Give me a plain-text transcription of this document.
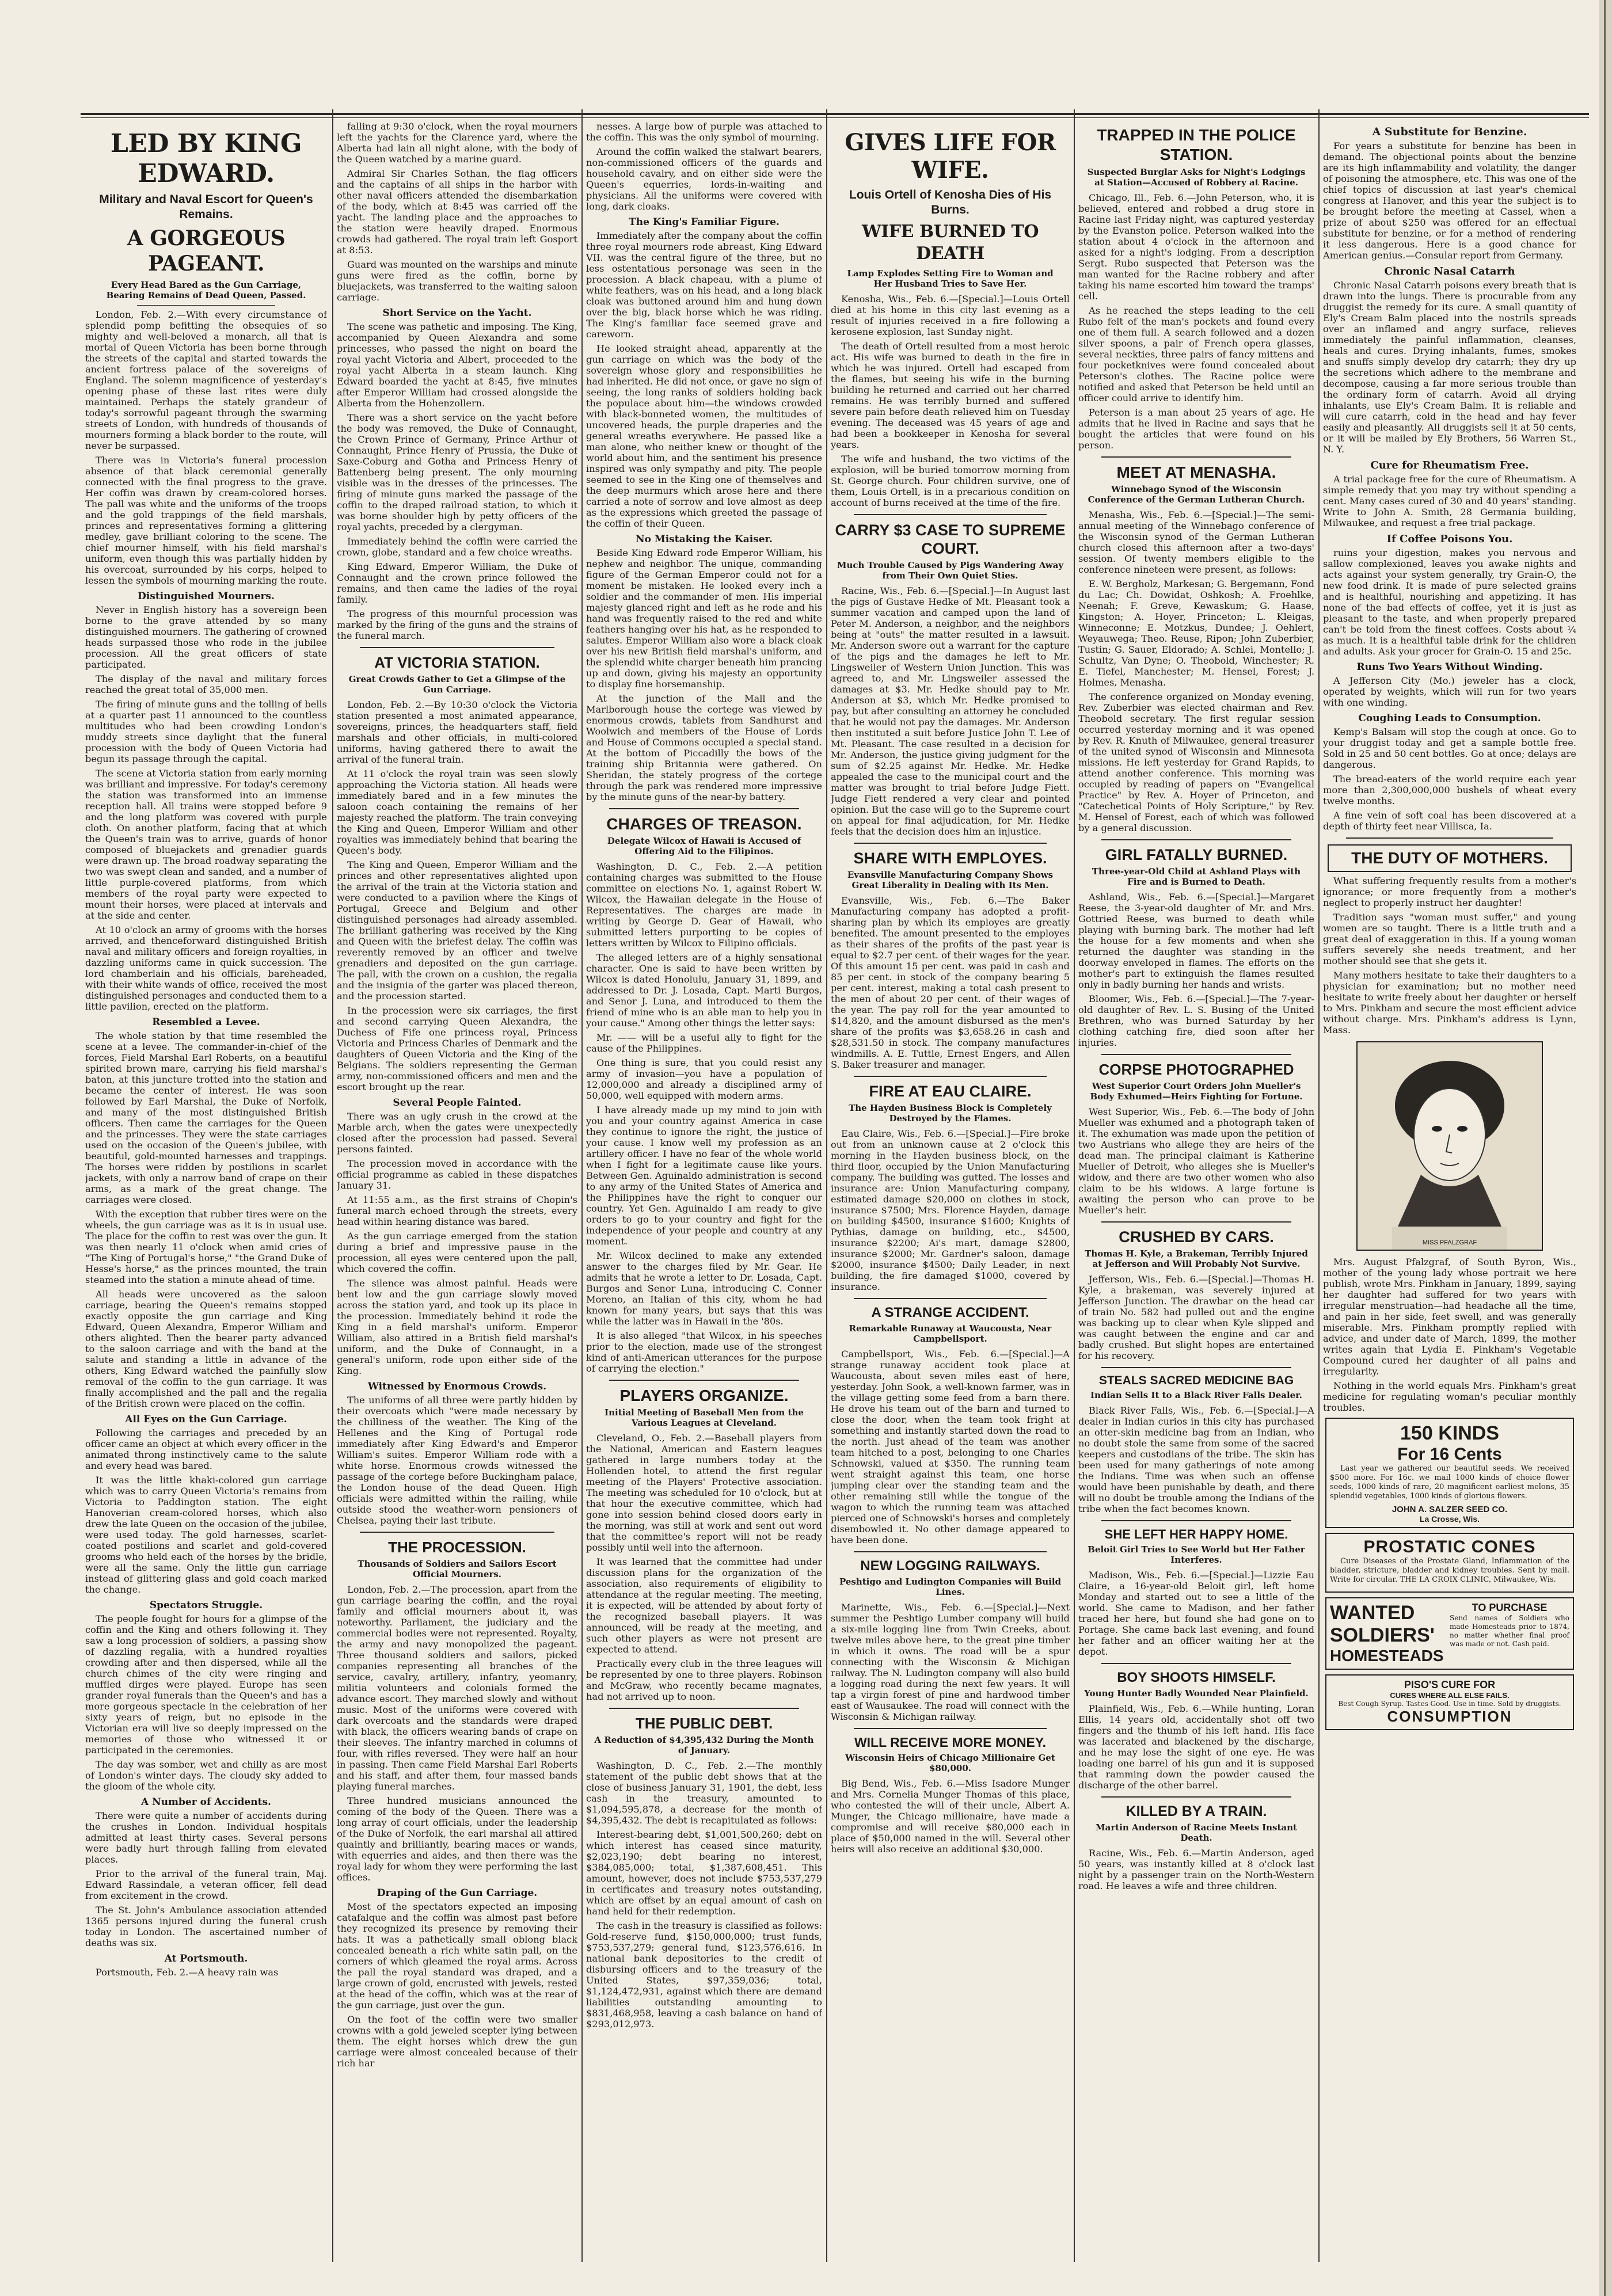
LED BY KING EDWARD.
Military and Naval Escort for Queen's Remains.
A GORGEOUS PAGEANT.
Every Head Bared as the Gun Carriage, Bearing Remains of Dead Queen, Passed.

London, Feb. 2.—With every circumstance of splendid pomp befitting the obsequies of so mighty and well-beloved a monarch, all that is mortal of Queen Victoria has been borne through the streets of the capital and started towards the ancient fortress palace of the sovereigns of England. The solemn magnificence of yesterday's opening phase of these last rites were duly maintained. Perhaps the stately grandeur of today's sorrowful pageant through the swarming streets of London, with hundreds of thousands of mourners forming a black border to the route, will never be surpassed.

There was in Victoria's funeral procession absence of that black ceremonial generally connected with the final progress to the grave. Her coffin was drawn by cream-colored horses. The pall was white and the uniforms of the troops and the gold trappings of the field marshals, princes and representatives forming a glittering medley, gave brilliant coloring to the scene. The chief mourner himself, with his field marshal's uniform, even though this was partially hidden by his overcoat, surrounded by his corps, helped to lessen the symbols of mourning marking the route.

Distinguished Mourners.

Never in English history has a sovereign been borne to the grave attended by so many distinguished mourners. The gathering of crowned heads surpassed those who rode in the jubilee procession. All the great officers of state participated.

The display of the naval and military forces reached the great total of 35,000 men.

The firing of minute guns and the tolling of bells at a quarter past 11 announced to the countless multitudes who had been crowding London's muddy streets since daylight that the funeral procession with the body of Queen Victoria had begun its passage through the capital.

The scene at Victoria station from early morning was brilliant and impressive. For today's ceremony the station was transformed into an immense reception hall. All trains were stopped before 9 and the long platform was covered with purple cloth. On another platform, facing that at which the Queen's train was to arrive, guards of honor composed of bluejackets and grenadier guards were drawn up. The broad roadway separating the two was swept clean and sanded, and a number of little purple-covered platforms, from which members of the royal party were expected to mount their horses, were placed at intervals and at the side and center.

At 10 o'clock an army of grooms with the horses arrived, and thenceforward distinguished British naval and military officers and foreign royalties, in dazzling uniforms came in quick succession. The lord chamberlain and his officials, bareheaded, with their white wands of office, received the most distinguished personages and conducted them to a little pavilion, erected on the platform.

Resembled a Levee.

The whole station by that time resembled the scene at a levee. The commander-in-chief of the forces, Field Marshal Earl Roberts, on a beautiful spirited brown mare, carrying his field marshal's baton, at this juncture trotted into the station and became the center of interest. He was soon followed by Earl Marshal, the Duke of Norfolk, and many of the most distinguished British officers. Then came the carriages for the Queen and the princesses. They were the state carriages used on the occasion of the Queen's jubilee, with beautiful, gold-mounted harnesses and trappings. The horses were ridden by postilions in scarlet jackets, with only a narrow band of crape on their arms, as a mark of the great change. The carriages were closed.

With the exception that rubber tires were on the wheels, the gun carriage was as it is in usual use. The place for the coffin to rest was over the gun. It was then nearly 11 o'clock when amid cries of "The King of Portugal's horse," "the Grand Duke of Hesse's horse," as the princes mounted, the train steamed into the station a minute ahead of time.

All heads were uncovered as the saloon carriage, bearing the Queen's remains stopped exactly opposite the gun carriage and King Edward, Queen Alexandra, Emperor William and others alighted. Then the bearer party advanced to the saloon carriage and with the band at the salute and standing a little in advance of the others, King Edward watched the painfully slow removal of the coffin to the gun carriage. It was finally accomplished and the pall and the regalia of the British crown were placed on the coffin.

All Eyes on the Gun Carriage.

Following the carriages and preceded by an officer came an object at which every officer in the animated throng instinctively came to the salute and every head was bared.

It was the little khaki-colored gun carriage which was to carry Queen Victoria's remains from Victoria to Paddington station. The eight Hanoverian cream-colored horses, which also drew the late Queen on the occasion of the jubilee, were used today. The gold harnesses, scarlet-coated postilions and scarlet and gold-covered grooms who held each of the horses by the bridle, were all the same. Only the little gun carriage instead of glittering glass and gold coach marked the change.

Spectators Struggle.

The people fought for hours for a glimpse of the coffin and the King and others following it. They saw a long procession of soldiers, a passing show of dazzling regalia, with a hundred royalties crowding after and then dispersed, while all the church chimes of the city were ringing and muffled dirges were played. Europe has seen grander royal funerals than the Queen's and has a more gorgeous spectacle in the celebration of her sixty years of reign, but no episode in the Victorian era will live so deeply impressed on the memories of those who witnessed it or participated in the ceremonies.

The day was somber, wet and chilly as are most of London's winter days. The cloudy sky added to the gloom of the whole city.

A Number of Accidents.

There were quite a number of accidents during the crushes in London. Individual hospitals admitted at least thirty cases. Several persons were badly hurt through falling from elevated places.

Prior to the arrival of the funeral train, Maj. Edward Rassindale, a veteran officer, fell dead from excitement in the crowd.

The St. John's Ambulance association attended 1365 persons injured during the funeral crush today in London. The ascertained number of deaths was six.

At Portsmouth.

Portsmouth, Feb. 2.—A heavy rain was

falling at 9:30 o'clock, when the royal mourners left the yachts for the Clarence yard, where the Alberta had lain all night alone, with the body of the Queen watched by a marine guard.

Admiral Sir Charles Sothan, the flag officers and the captains of all ships in the harbor with other naval officers attended the disembarkation of the body, which at 8:45 was carried off the yacht. The landing place and the approaches to the station were heavily draped. Enormous crowds had gathered. The royal train left Gosport at 8:53.

Guard was mounted on the warships and minute guns were fired as the coffin, borne by bluejackets, was transferred to the waiting saloon carriage.

Short Service on the Yacht.

The scene was pathetic and imposing. The King, accompanied by Queen Alexandra and some princesses, who passed the night on board the royal yacht Victoria and Albert, proceeded to the royal yacht Alberta in a steam launch. King Edward boarded the yacht at 8:45, five minutes after Emperor William had crossed alongside the Alberta from the Hohenzollern.

There was a short service on the yacht before the body was removed, the Duke of Connaught, the Crown Prince of Germany, Prince Arthur of Connaught, Prince Henry of Prussia, the Duke of Saxe-Coburg and Gotha and Princess Henry of Battenberg being present. The only mourning visible was in the dresses of the princesses. The firing of minute guns marked the passage of the coffin to the draped railroad station, to which it was borne shoulder high by petty officers of the royal yachts, preceded by a clergyman.

Immediately behind the coffin were carried the crown, globe, standard and a few choice wreaths.

King Edward, Emperor William, the Duke of Connaught and the crown prince followed the remains, and then came the ladies of the royal family.

The progress of this mournful procession was marked by the firing of the guns and the strains of the funeral march.

AT VICTORIA STATION.
Great Crowds Gather to Get a Glimpse of the Gun Carriage.

London, Feb. 2.—By 10:30 o'clock the Victoria station presented a most animated appearance, sovereigns, princes, the headquarters staff, field marshals and other officials, in multi-colored uniforms, having gathered there to await the arrival of the funeral train.

At 11 o'clock the royal train was seen slowly approaching the Victoria station. All heads were immediately bared and in a few minutes the saloon coach containing the remains of her majesty reached the platform. The train conveying the King and Queen, Emperor William and other royalties was immediately behind that bearing the Queen's body.

The King and Queen, Emperor William and the princes and other representatives alighted upon the arrival of the train at the Victoria station and were conducted to a pavilion where the Kings of Portugal, Greece and Belgium and other distinguished personages had already assembled. The brilliant gathering was received by the King and Queen with the briefest delay. The coffin was reverently removed by an officer and twelve grenadiers and deposited on the gun carriage. The pall, with the crown on a cushion, the regalia and the insignia of the garter was placed thereon, and the procession started.

In the procession were six carriages, the first and second carrying Queen Alexandra, the Duchess of Fife one princess royal, Princess Victoria and Princess Charles of Denmark and the daughters of Queen Victoria and the King of the Belgians. The soldiers representing the German army, non-commissioned officers and men and the escort brought up the rear.

Several People Fainted.

There was an ugly crush in the crowd at the Marble arch, when the gates were unexpectedly closed after the procession had passed. Several persons fainted.

The procession moved in accordance with the official programme as cabled in these dispatches January 31.

At 11:55 a.m., as the first strains of Chopin's funeral march echoed through the streets, every head within hearing distance was bared.

As the gun carriage emerged from the station during a brief and impressive pause in the procession, all eyes were centered upon the pall, which covered the coffin.

The silence was almost painful. Heads were bent low and the gun carriage slowly moved across the station yard, and took up its place in the procession. Immediately behind it rode the King in a field marshal's uniform. Emperor William, also attired in a British field marshal's uniform, and the Duke of Connaught, in a general's uniform, rode upon either side of the King.

Witnessed by Enormous Crowds.

The uniforms of all three were partly hidden by their overcoats which "were made necessary by the chilliness of the weather. The King of the Hellenes and the King of Portugal rode immediately after King Edward's and Emperor William's suites. Emperor William rode with a white horse. Enormous crowds witnessed the passage of the cortege before Buckingham palace, the London house of the dead Queen. High officials were admitted within the railing, while outside stood the weather-worn pensioners of Chelsea, paying their last tribute.

THE PROCESSION.
Thousands of Soldiers and Sailors Escort Official Mourners.

London, Feb. 2.—The procession, apart from the gun carriage bearing the coffin, and the royal family and official mourners about it, was noteworthy. Parliament, the judiciary and the commercial bodies were not represented. Royalty, the army and navy monopolized the pageant. Three thousand soldiers and sailors, picked companies representing all branches of the service, cavalry, artillery, infantry, yeomanry, militia volunteers and colonials formed the advance escort. They marched slowly and without music. Most of the uniforms were covered with dark overcoats and the standards were draped with black, the officers wearing bands of crape on their sleeves. The infantry marched in columns of four, with rifles reversed. They were half an hour in passing. Then came Field Marshal Earl Roberts and his staff, and after them, four massed bands playing funeral marches.

Three hundred musicians announced the coming of the body of the Queen. There was a long array of court officials, under the leadership of the Duke of Norfolk, the earl marshal all attired quaintly and brilliantly, bearing maces or wands, with equerries and aides, and then there was the royal lady for whom they were performing the last offices.

Draping of the Gun Carriage.

Most of the spectators expected an imposing catafalque and the coffin was almost past before they recognized its presence by removing their hats. It was a pathetically small oblong black concealed beneath a rich white satin pall, on the corners of which gleamed the royal arms. Across the pall the royal standard was draped, and a large crown of gold, encrusted with jewels, rested at the head of the coffin, which was at the rear of the gun carriage, just over the gun.

On the foot of the coffin were two smaller crowns with a gold jeweled scepter lying between them. The eight horses which drew the gun carriage were almost concealed because of their rich har

nesses. A large bow of purple was attached to the coffin. This was the only symbol of mourning.

Around the coffin walked the stalwart bearers, non-commissioned officers of the guards and household cavalry, and on either side were the Queen's equerries, lords-in-waiting and physicians. All the uniforms were covered with long, dark cloaks.

The King's Familiar Figure.

Immediately after the company about the coffin three royal mourners rode abreast, King Edward VII. was the central figure of the three, but no less ostentatious personage was seen in the procession. A black chapeau, with a plume of white feathers, was on his head, and a long black cloak was buttoned around him and hung down over the big, black horse which he was riding. The King's familiar face seemed grave and careworn.

He looked straight ahead, apparently at the gun carriage on which was the body of the sovereign whose glory and responsibilities he had inherited. He did not once, or gave no sign of seeing, the long ranks of soldiers holding back the populace about him—the windows crowded with black-bonneted women, the multitudes of uncovered heads, the purple draperies and the general wreaths everywhere. He passed like a man alone, who neither knew or thought of the world about him, and the sentiment his presence inspired was only sympathy and pity. The people seemed to see in the King one of themselves and the deep murmurs which arose here and there carried a note of sorrow and love almost as deep as the expressions which greeted the passage of the coffin of their Queen.

No Mistaking the Kaiser.

Beside King Edward rode Emperor William, his nephew and neighbor. The unique, commanding figure of the German Emperor could not for a moment be mistaken. He looked every inch a soldier and the commander of men. His imperial majesty glanced right and left as he rode and his hand was frequently raised to the red and white feathers hanging over his hat, as he responded to salutes. Emperor William also wore a black cloak over his new British field marshal's uniform, and the splendid white charger beneath him prancing up and down, giving his majesty an opportunity to display fine horsemanship.

At the junction of the Mall and the Marlborough house the cortege was viewed by enormous crowds, tablets from Sandhurst and Woolwich and members of the House of Lords and House of Commons occupied a special stand. At the bottom of Piccadilly the bows of the training ship Britannia were gathered. On Sheridan, the stately progress of the cortege through the park was rendered more impressive by the minute guns of the near-by battery.

CHARGES OF TREASON.
Delegate Wilcox of Hawaii is Accused of Offering Aid to the Filipinos.

Washington, D. C., Feb. 2.—A petition containing charges was submitted to the House committee on elections No. 1, against Robert W. Wilcox, the Hawaiian delegate in the House of Representatives. The charges are made in writing by George D. Gear of Hawaii, who submitted letters purporting to be copies of letters written by Wilcox to Filipino officials.

The alleged letters are of a highly sensational character. One is said to have been written by Wilcox is dated Honolulu, January 31, 1899, and addressed to Dr. J. Losada, Capt. Marti Burgos, and Senor J. Luna, and introduced to them the friend of mine who is an able man to help you in your cause." Among other things the letter says:

Mr. —— will be a useful ally to fight for the cause of the Philippines.

One thing is sure, that you could resist any army of invasion—you have a population of 12,000,000 and already a disciplined army of 50,000, well equipped with modern arms.

I have already made up my mind to join with you and your country against America in case they continue to ignore the right, the justice of your cause. I know well my profession as an artillery officer. I have no fear of the whole world when I fight for a legitimate cause like yours. Between Gen. Aguinaldo administration is second to any army of the United States of America and the Philippines have the right to conquer our country. Yet Gen. Aguinaldo I am ready to give orders to go to your country and fight for the independence of your people and country at any moment.

Mr. Wilcox declined to make any extended answer to the charges filed by Mr. Gear. He admits that he wrote a letter to Dr. Losada, Capt. Burgos and Senor Luna, introducing C. Conner Moreno, an Italian of this city, whom he had known for many years, but says that this was while the latter was in Hawaii in the '80s.

It is also alleged "that Wilcox, in his speeches prior to the election, made use of the strongest kind of anti-American utterances for the purpose of carrying the election."

PLAYERS ORGANIZE.
Initial Meeting of Baseball Men from the Various Leagues at Cleveland.

Cleveland, O., Feb. 2.—Baseball players from the National, American and Eastern leagues gathered in large numbers today at the Hollenden hotel, to attend the first regular meeting of the Players' Protective association. The meeting was scheduled for 10 o'clock, but at that hour the executive committee, which had gone into session behind closed doors early in the morning, was still at work and sent out word that the committee's report will not be ready possibly until well into the afternoon.

It was learned that the committee had under discussion plans for the organization of the association, also requirements of eligibility to attendance at the regular meeting. The meeting, it is expected, will be attended by about forty of the recognized baseball players. It was announced, will be ready at the meeting, and such other players as were not present are expected to attend.

Practically every club in the three leagues will be represented by one to three players. Robinson and McGraw, who recently became magnates, had not arrived up to noon.

THE PUBLIC DEBT.
A Reduction of $4,395,432 During the Month of January.

Washington, D. C., Feb. 2.—The monthly statement of the public debt shows that at the close of business January 31, 1901, the debt, less cash in the treasury, amounted to $1,094,595,878, a decrease for the month of $4,395,432. The debt is recapitulated as follows:

Interest-bearing debt, $1,001,500,260; debt on which interest has ceased since maturity, $2,023,190; debt bearing no interest, $384,085,000; total, $1,387,608,451. This amount, however, does not include $753,537,279 in certificates and treasury notes outstanding, which are offset by an equal amount of cash on hand held for their redemption.

The cash in the treasury is classified as follows: Gold-reserve fund, $150,000,000; trust funds, $753,537,279; general fund, $123,576,616. In national bank depositories to the credit of disbursing officers and to the treasury of the United States, $97,359,036; total, $1,124,472,931, against which there are demand liabilities outstanding amounting to $831,468,958, leaving a cash balance on hand of $293,012,973.

GIVES LIFE FOR WIFE.
Louis Ortell of Kenosha Dies of His Burns.
WIFE BURNED TO DEATH
Lamp Explodes Setting Fire to Woman and Her Husband Tries to Save Her.

Kenosha, Wis., Feb. 6.—[Special.]—Louis Ortell died at his home in this city last evening as a result of injuries received in a fire following a kerosene explosion, last Sunday night.

The death of Ortell resulted from a most heroic act. His wife was burned to death in the fire in which he was injured. Ortell had escaped from the flames, but seeing his wife in the burning building he returned and carried out her charred remains. He was terribly burned and suffered severe pain before death relieved him on Tuesday evening. The deceased was 45 years of age and had been a bookkeeper in Kenosha for several years.

The wife and husband, the two victims of the explosion, will be buried tomorrow morning from St. George church. Four children survive, one of them, Louis Ortell, is in a precarious condition on account of burns received at the time of the fire.

CARRY $3 CASE TO SUPREME COURT.
Much Trouble Caused by Pigs Wandering Away from Their Own Quiet Sties.

Racine, Wis., Feb. 6.—[Special.]—In August last the pigs of Gustave Hedke of Mt. Pleasant took a summer vacation and camped upon the land of Peter M. Anderson, a neighbor, and the neighbors being at "outs" the matter resulted in a lawsuit. Mr. Anderson swore out a warrant for the capture of the pigs and the damages he left to Mr. Lingsweiler of Western Union Junction. This was agreed to, and Mr. Lingsweiler assessed the damages at $3. Mr. Hedke should pay to Mr. Anderson at $3, which Mr. Hedke promised to pay, but after consulting an attorney he concluded that he would not pay the damages. Mr. Anderson then instituted a suit before Justice John T. Lee of Mt. Pleasant. The case resulted in a decision for Mr. Anderson, the justice giving judgment for the sum of $2.25 against Mr. Hedke. Mr. Hedke appealed the case to the municipal court and the matter was brought to trial before Judge Fiett. Judge Fiett rendered a very clear and pointed opinion. But the case will go to the Supreme court on appeal for final adjudication, for Mr. Hedke feels that the decision does him an injustice.

SHARE WITH EMPLOYES.
Evansville Manufacturing Company Shows Great Liberality in Dealing with Its Men.

Evansville, Wis., Feb. 6.—The Baker Manufacturing company has adopted a profit-sharing plan by which its employes are greatly benefited. The amount presented to the employes as their shares of the profits of the past year is equal to $2.7 per cent. of their wages for the year. Of this amount 15 per cent. was paid in cash and 85 per cent. in stock of the company bearing 5 per cent. interest, making a total cash present to the men of about 20 per cent. of their wages of the year. The pay roll for the year amounted to $14,820, and the amount disbursed as the men's share of the profits was $3,658.26 in cash and $28,531.50 in stock. The company manufactures windmills. A. E. Tuttle, Ernest Engers, and Allen S. Baker treasurer and manager.

FIRE AT EAU CLAIRE.
The Hayden Business Block is Completely Destroyed by the Flames.

Eau Claire, Wis., Feb. 6.—[Special.]—Fire broke out from an unknown cause at 2 o'clock this morning in the Hayden business block, on the third floor, occupied by the Union Manufacturing company. The building was gutted. The losses and insurance are: Union Manufacturing company, estimated damage $20,000 on clothes in stock, insurance $7500; Mrs. Florence Hayden, damage on building $4500, insurance $1600; Knights of Pythias, damage on building, etc., $4500, insurance $2200; Ai's mart, damage $2800, insurance $2000; Mr. Gardner's saloon, damage $2000, insurance $4500; Daily Leader, in next building, the fire damaged $1000, covered by insurance.

A STRANGE ACCIDENT.
Remarkable Runaway at Waucousta, Near Campbellsport.

Campbellsport, Wis., Feb. 6.—[Special.]—A strange runaway accident took place at Waucousta, about seven miles east of here, yesterday. John Sook, a well-known farmer, was in the village getting some feed from a barn there. He drove his team out of the barn and turned to close the door, when the team took fright at something and instantly started down the road to the north. Just ahead of the team was another team hitched to a post, belonging to one Charles Schnowski, valued at $350. The running team went straight against this team, one horse jumping clear over the standing team and the other remaining still while the tongue of the wagon to which the running team was attached pierced one of Schnowski's horses and completely disembowled it. No other damage appeared to have been done.

NEW LOGGING RAILWAYS.
Peshtigo and Ludington Companies will Build Lines.

Marinette, Wis., Feb. 6.—[Special.]—Next summer the Peshtigo Lumber company will build a six-mile logging line from Twin Creeks, about twelve miles above here, to the great pine timber in which it owns. The road will be a spur connecting with the Wisconsin & Michigan railway. The N. Ludington company will also build a logging road during the next few years. It will tap a virgin forest of pine and hardwood timber east of Wausaukee. The road will connect with the Wisconsin & Michigan railway.

WILL RECEIVE MORE MONEY.
Wisconsin Heirs of Chicago Millionaire Get $80,000.

Big Bend, Wis., Feb. 6.—Miss Isadore Munger and Mrs. Cornelia Munger Thomas of this place, who contested the will of their uncle, Albert A. Munger, the Chicago millionaire, have made a compromise and will receive $80,000 each in place of $50,000 named in the will. Several other heirs will also receive an additional $30,000.

TRAPPED IN THE POLICE STATION.
Suspected Burglar Asks for Night's Lodgings at Station—Accused of Robbery at Racine.

Chicago, Ill., Feb. 6.—John Peterson, who, it is believed, entered and robbed a drug store in Racine last Friday night, was captured yesterday by the Evanston police. Peterson walked into the station about 4 o'clock in the afternoon and asked for a night's lodging. From a description Sergt. Rubo suspected that Peterson was the man wanted for the Racine robbery and after taking his name escorted him toward the tramps' cell.

As he reached the steps leading to the cell Rubo felt of the man's pockets and found every one of them full. A search followed and a dozen silver spoons, a pair of French opera glasses, several neckties, three pairs of fancy mittens and four pocketknives were found concealed about Peterson's clothes. The Racine police were notified and asked that Peterson be held until an officer could arrive to identify him.

Peterson is a man about 25 years of age. He admits that he lived in Racine and says that he bought the articles that were found on his person.

MEET AT MENASHA.
Winnebago Synod of the Wisconsin Conference of the German Lutheran Church.

Menasha, Wis., Feb. 6.—[Special.]—The semi-annual meeting of the Winnebago conference of the Wisconsin synod of the German Lutheran church closed this afternoon after a two-days' session. Of twenty members eligible to the conference nineteen were present, as follows:

E. W. Bergholz, Markesan; G. Bergemann, Fond du Lac; Ch. Dowidat, Oshkosh; A. Froehlke, Neenah; F. Greve, Kewaskum; G. Haase, Kingston; A. Hoyer, Princeton; L. Kleigas, Winneconne; E. Motzkus, Dundee; J. Oehlert, Weyauwega; Theo. Reuse, Ripon; John Zuberbier, Tustin; G. Sauer, Eldorado; A. Schlei, Montello; J. Schultz, Van Dyne; O. Theobold, Winchester; R. E. Tiefel, Manchester; M. Hensel, Forest; J. Holmes, Menasha.

The conference organized on Monday evening, Rev. Zuberbier was elected chairman and Rev. Theobold secretary. The first regular session occurred yesterday morning and it was opened by Rev. R. Knuth of Milwaukee, general treasurer of the united synod of Wisconsin and Minnesota missions. He left yesterday for Grand Rapids, to attend another conference. This morning was occupied by reading of papers on "Evangelical Practice" by Rev. A. Hoyer of Princeton, and "Catechetical Points of Holy Scripture," by Rev. M. Hensel of Forest, each of which was followed by a general discussion.

GIRL FATALLY BURNED.
Three-year-Old Child at Ashland Plays with Fire and is Burned to Death.

Ashland, Wis., Feb. 6.—[Special.]—Margaret Reese, the 3-year-old daughter of Mr. and Mrs. Gottried Reese, was burned to death while playing with burning bark. The mother had left the house for a few moments and when she returned the daughter was standing in the doorway enveloped in flames. The efforts on the mother's part to extinguish the flames resulted only in badly burning her hands and wrists.

Bloomer, Wis., Feb. 6.—[Special.]—The 7-year-old daughter of Rev. L. S. Busing of the United Brethren, who was burned Saturday by her clothing catching fire, died soon after her injuries.

CORPSE PHOTOGRAPHED
West Superior Court Orders John Mueller's Body Exhumed—Heirs Fighting for Fortune.

West Superior, Wis., Feb. 6.—The body of John Mueller was exhumed and a photograph taken of it. The exhumation was made upon the petition of two Austrians who allege they are heirs of the dead man. The principal claimant is Katherine Mueller of Detroit, who alleges she is Mueller's widow, and there are two other women who also claim to be his widows. A large fortune is awaiting the person who can prove to be Mueller's heir.

CRUSHED BY CARS.
Thomas H. Kyle, a Brakeman, Terribly Injured at Jefferson and Will Probably Not Survive.

Jefferson, Wis., Feb. 6.—[Special.]—Thomas H. Kyle, a brakeman, was severely injured at Jefferson Junction. The drawbar on the head car of train No. 582 had pulled out and the engine was backing up to clear when Kyle slipped and was caught between the engine and car and badly crushed. But slight hopes are entertained for his recovery.

STEALS SACRED MEDICINE BAG
Indian Sells It to a Black River Falls Dealer.

Black River Falls, Wis., Feb. 6.—[Special.]—A dealer in Indian curios in this city has purchased an otter-skin medicine bag from an Indian, who no doubt stole the same from some of the sacred keepers and custodians of the tribe. The skin has been used for many gatherings of note among the Indians. Time was when such an offense would have been punishable by death, and there will no doubt be trouble among the Indians of the tribe when the fact becomes known.

SHE LEFT HER HAPPY HOME.
Beloit Girl Tries to See World but Her Father Interferes.

Madison, Wis., Feb. 6.—[Special.]—Lizzie Eau Claire, a 16-year-old Beloit girl, left home Monday and started out to see a little of the world. She came to Madison, and her father traced her here, but found she had gone on to Portage. She came back last evening, and found her father and an officer waiting her at the depot.

BOY SHOOTS HIMSELF.
Young Hunter Badly Wounded Near Plainfield.

Plainfield, Wis., Feb. 6.—While hunting, Loran Ellis, 14 years old, accidentally shot off two fingers and the thumb of his left hand. His face was lacerated and blackened by the discharge, and he may lose the sight of one eye. He was loading one barrel of his gun and it is supposed that ramming down the powder caused the discharge of the other barrel.

KILLED BY A TRAIN.
Martin Anderson of Racine Meets Instant Death.

Racine, Wis., Feb. 6.—Martin Anderson, aged 50 years, was instantly killed at 8 o'clock last night by a passenger train on the North-Western road. He leaves a wife and three children.

A Substitute for Benzine.

For years a substitute for benzine has been in demand. The objectional points about the benzine are its high inflammability and volatility, the danger of poisoning the atmosphere, etc. This was one of the chief topics of discussion at last year's chemical congress at Hanover, and this year the subject is to be brought before the meeting at Cassel, when a prize of about $250 was offered for an effectual substitute for benzine, or for a method of rendering it less dangerous. Here is a good chance for American genius.—Consular report from Germany.

Chronic Nasal Catarrh

Chronic Nasal Catarrh poisons every breath that is drawn into the lungs. There is procurable from any druggist the remedy for its cure. A small quantity of Ely's Cream Balm placed into the nostrils spreads over an inflamed and angry surface, relieves immediately the painful inflammation, cleanses, heals and cures. Drying inhalants, fumes, smokes and snuffs simply develop dry catarrh; they dry up the secretions which adhere to the membrane and decompose, causing a far more serious trouble than the ordinary form of catarrh. Avoid all drying inhalants, use Ely's Cream Balm. It is reliable and will cure catarrh, cold in the head and hay fever easily and pleasantly. All druggists sell it at 50 cents, or it will be mailed by Ely Brothers, 56 Warren St., N. Y.

Cure for Rheumatism Free.

A trial package free for the cure of Rheumatism. A simple remedy that you may try without spending a cent. Many cases cured of 30 and 40 years' standing. Write to John A. Smith, 28 Germania building, Milwaukee, and request a free trial package.

If Coffee Poisons You.

ruins your digestion, makes you nervous and sallow complexioned, leaves you awake nights and acts against your system generally, try Grain-O, the new food drink. It is made of pure selected grains and is healthful, nourishing and appetizing. It has none of the bad effects of coffee, yet it is just as pleasant to the taste, and when properly prepared can't be told from the finest coffees. Costs about ¼ as much. It is a healthful table drink for the children and adults. Ask your grocer for Grain-O. 15 and 25c.

Runs Two Years Without Winding.

A Jefferson City (Mo.) jeweler has a clock, operated by weights, which will run for two years with one winding.

Coughing Leads to Consumption.

Kemp's Balsam will stop the cough at once. Go to your druggist today and get a sample bottle free. Sold in 25 and 50 cent bottles. Go at once; delays are dangerous.

The bread-eaters of the world require each year more than 2,300,000,000 bushels of wheat every twelve months.

A fine vein of soft coal has been discovered at a depth of thirty feet near Villisca, Ia.

THE DUTY OF MOTHERS.

What suffering frequently results from a mother's ignorance; or more frequently from a mother's neglect to properly instruct her daughter!

Tradition says "woman must suffer," and young women are so taught. There is a little truth and a great deal of exaggeration in this. If a young woman suffers severely she needs treatment, and her mother should see that she gets it.

Many mothers hesitate to take their daughters to a physician for examination; but no mother need hesitate to write freely about her daughter or herself to Mrs. Pinkham and secure the most efficient advice without charge. Mrs. Pinkham's address is Lynn, Mass.

MISS PFALZGRAF

Mrs. August Pfalzgraf, of South Byron, Wis., mother of the young lady whose portrait we here publish, wrote Mrs. Pinkham in January, 1899, saying her daughter had suffered for two years with irregular menstruation—had headache all the time, and pain in her side, feet swell, and was generally miserable. Mrs. Pinkham promptly replied with advice, and under date of March, 1899, the mother writes again that Lydia E. Pinkham's Vegetable Compound cured her daughter of all pains and irregularity.

Nothing in the world equals Mrs. Pinkham's great medicine for regulating woman's peculiar monthly troubles.

150 KINDS
For 16 Cents

Last year we gathered our beautiful seeds. We received $500 more. For 16c. we mail 1000 kinds of choice flower seeds, 1000 kinds of rare, 20 magnificent earliest melons, 35 splendid vegetables, 1000 kinds of glorious flowers.

JOHN A. SALZER SEED CO.
La Crosse, Wis.
PROSTATIC CONES

Cure Diseases of the Prostate Gland, Inflammation of the bladder, stricture, bladder and kidney troubles. Sent by mail. Write for circular. THE LA CROIX CLINIC, Milwaukee, Wis.

WANTED
SOLDIERS'
HOMESTEADS
TO PURCHASE

Send names of Soldiers who made Homesteads prior to 1874, no matter whether final proof was made or not. Cash paid.

PISO'S CURE FOR
CURES WHERE ALL ELSE FAILS.
Best Cough Syrup. Tastes Good. Use in time. Sold by druggists.
CONSUMPTION
